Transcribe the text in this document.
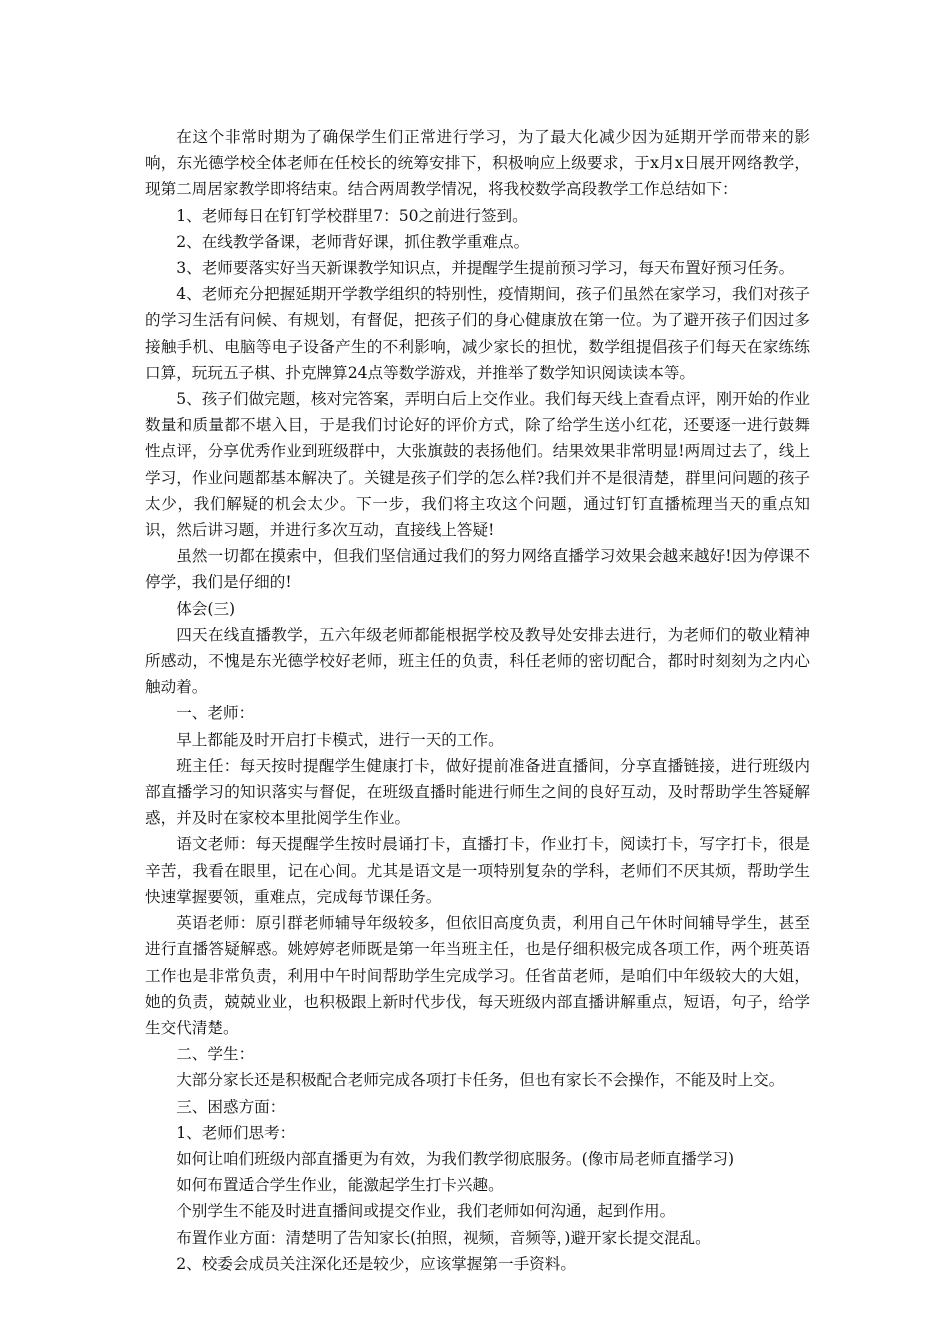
在这个非常时期为了确保学生们正常进行学习，为了最大化减少因为延期开学而带来的影响，东光德学校全体老师在任校长的统筹安排下，积极响应上级要求，于x月x日展开网络教学，现第二周居家教学即将结束。结合两周教学情况，将我校数学高段教学工作总结如下：

1、老师每日在钉钉学校群里7：50之前进行签到。

2、在线教学备课，老师背好课，抓住教学重难点。

3、老师要落实好当天新课教学知识点，并提醒学生提前预习学习，每天布置好预习任务。

4、老师充分把握延期开学教学组织的特别性，疫情期间，孩子们虽然在家学习，我们对孩子的学习生活有问候、有规划，有督促，把孩子们的身心健康放在第一位。为了避开孩子们因过多接触手机、电脑等电子设备产生的不利影响，减少家长的担忧，数学组提倡孩子们每天在家练练口算，玩玩五子棋、扑克牌算24点等数学游戏，并推举了数学知识阅读读本等。

5、孩子们做完题，核对完答案，弄明白后上交作业。我们每天线上查看点评，刚开始的作业数量和质量都不堪入目，于是我们讨论好的评价方式，除了给学生送小红花，还要逐一进行鼓舞性点评，分享优秀作业到班级群中，大张旗鼓的表扬他们。结果效果非常明显!两周过去了，线上学习，作业问题都基本解决了。关键是孩子们学的怎么样?我们并不是很清楚，群里问问题的孩子太少，我们解疑的机会太少。下一步，我们将主攻这个问题，通过钉钉直播梳理当天的重点知识，然后讲习题，并进行多次互动，直接线上答疑!

虽然一切都在摸索中，但我们坚信通过我们的努力网络直播学习效果会越来越好!因为停课不停学，我们是仔细的!

体会(三)

四天在线直播教学，五六年级老师都能根据学校及教导处安排去进行，为老师们的敬业精神所感动，不愧是东光德学校好老师，班主任的负责，科任老师的密切配合，都时时刻刻为之内心触动着。

一、老师：

早上都能及时开启打卡模式，进行一天的工作。

班主任：每天按时提醒学生健康打卡，做好提前准备进直播间，分享直播链接，进行班级内部直播学习的知识落实与督促，在班级直播时能进行师生之间的良好互动，及时帮助学生答疑解惑，并及时在家校本里批阅学生作业。

语文老师：每天提醒学生按时晨诵打卡，直播打卡，作业打卡，阅读打卡，写字打卡，很是辛苦，我看在眼里，记在心间。尤其是语文是一项特别复杂的学科，老师们不厌其烦，帮助学生快速掌握要领，重难点，完成每节课任务。

英语老师：原引群老师辅导年级较多，但依旧高度负责，利用自己午休时间辅导学生，甚至进行直播答疑解惑。姚婷婷老师既是第一年当班主任，也是仔细积极完成各项工作，两个班英语工作也是非常负责，利用中午时间帮助学生完成学习。任省苗老师，是咱们中年级较大的大姐，她的负责，兢兢业业，也积极跟上新时代步伐，每天班级内部直播讲解重点，短语，句子，给学生交代清楚。

二、学生：

大部分家长还是积极配合老师完成各项打卡任务，但也有家长不会操作，不能及时上交。

三、困惑方面：

1、老师们思考：

如何让咱们班级内部直播更为有效，为我们教学彻底服务。(像市局老师直播学习)

如何布置适合学生作业，能激起学生打卡兴趣。

个别学生不能及时进直播间或提交作业，我们老师如何沟通，起到作用。

布置作业方面：清楚明了告知家长(拍照，视频，音频等，)避开家长提交混乱。

2、校委会成员关注深化还是较少，应该掌握第一手资料。
